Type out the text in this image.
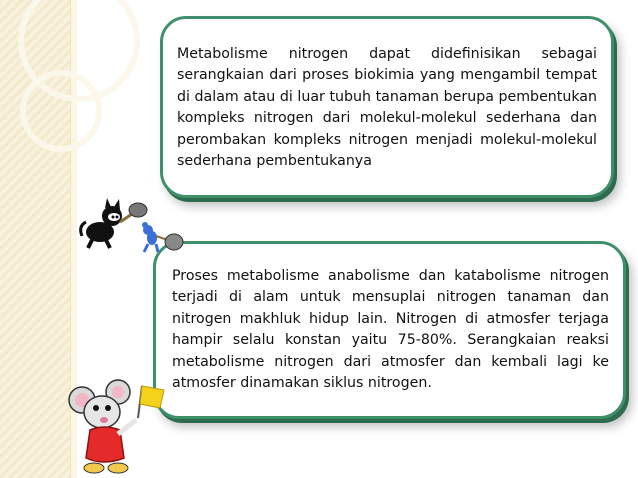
Metabolisme nitrogen dapat didefinisikan sebagai serangkaian dari proses biokimia yang mengambil tempat di dalam atau di luar tubuh tanaman berupa pembentukan kompleks nitrogen dari molekul-molekul sederhana dan perombakan kompleks nitrogen menjadi molekul-molekul sederhana pembentukanya

Proses metabolisme anabolisme dan katabolisme nitrogen terjadi di alam untuk mensuplai nitrogen tanaman dan nitrogen makhluk hidup lain. Nitrogen di atmosfer terjaga hampir selalu konstan yaitu 75-80%. Serangkaian reaksi metabolisme nitrogen dari atmosfer dan kembali lagi ke atmosfer dinamakan siklus nitrogen.
